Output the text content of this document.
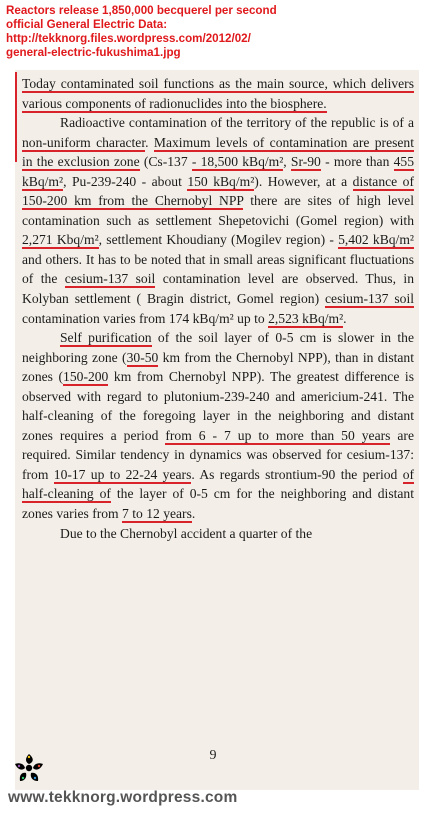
Reactors release 1,850,000 becquerel per second
official General Electric Data:
http://tekknorg.files.wordpress.com/2012/02/
general-electric-fukushima1.jpg

Today contaminated soil functions as the main source, which delivers various components of radionuclides into the biosphere.

Radioactive contamination of the territory of the republic is of a non-uniform character. Maximum levels of contamination are present in the exclusion zone (Cs-137 - 18,500 kBq/m², Sr-90 - more than 455 kBq/m², Pu-239-240 - about 150 kBq/m²). However, at a distance of 150-200 km from the Chernobyl NPP there are sites of high level contamination such as settlement Shepetovichi (Gomel region) with 2,271 Kbq/m², settlement Khoudiany (Mogilev region) - 5,402 kBq/m² and others. It has to be noted that in small areas significant fluctuations of the cesium-137 soil contamination level are observed. Thus, in Kolyban settlement ( Bragin district, Gomel region) cesium-137 soil contamination varies from 174 kBq/m² up to 2,523 kBq/m².

Self purification of the soil layer of 0-5 cm is slower in the neighboring zone (30-50 km from the Chernobyl NPP), than in distant zones (150-200 km from Chernobyl NPP). The greatest difference is observed with regard to plutonium-239-240 and americium-241. The half-cleaning of the foregoing layer in the neighboring and distant zones requires a period from 6 - 7 up to more than 50 years are required. Similar tendency in dynamics was observed for cesium-137: from 10-17 up to 22-24 years. As regards strontium-90 the period of half-cleaning of the layer of 0-5 cm for the neighboring and distant zones varies from 7 to 12 years.

Due to the Chernobyl accident a quarter of the

9
www.tekknorg.wordpress.com
